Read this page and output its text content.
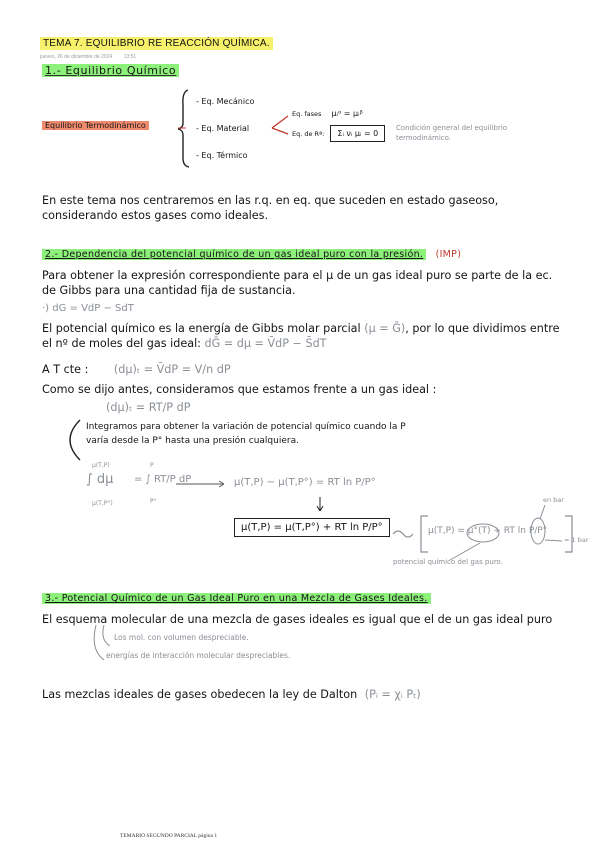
TEMA 7. EQUILIBRIO RE REACCIÓN QUÍMICA.
jueves, 26 de diciembre de 2024 13:51
1.- Equilibrio Químico
Equilibrio Termodinámico
- Eq. Mecánico
- Eq. Material
- Eq. Térmico
Eq. fases μᵢᵅ = μᵢᵝ
Eq. de Rª: Σᵢ νᵢ μᵢ = 0
Condición general del equilibrio termodinámico.
En este tema nos centraremos en las r.q. en eq. que suceden en estado gaseoso, considerando estos gases como ideales.
2.- Dependencia del potencial químico de un gas ideal puro con la presión. (IMP)
Para obtener la expresión correspondiente para el μ de un gas ideal puro se parte de la ec. de Gibbs para una cantidad fija de sustancia.
·) dG = VdP − SdT
El potencial químico es la energía de Gibbs molar parcial (μ = Ḡ), por lo que dividimos entre el nº de moles del gas ideal: dḠ = dμ = V̄dP − S̄dT
A T cte : (dμ)ₜ = V̄dP = V/n dP
Como se dijo antes, consideramos que estamos frente a un gas ideal :
(dμ)ₜ = RT/P dP
Integramos para obtener la variación de potencial químico cuando la P varía desde la P° hasta una presión cualquiera.
μ(T,P)
μ(T,P°)
∫ dμ
P
P°
= ∫ RT/P dP	μ(T,P) − μ(T,P°) = RT ln P/P°
μ(T,P) = μ(T,P°) + RT ln P/P°	μ(T,P) = μ°(T) + RT ln P/P°
en bar
= 1 bar
potencial químico del gas puro.
3.- Potencial Químico de un Gas Ideal Puro en una Mezcla de Gases Ideales.
El esquema molecular de una mezcla de gases ideales es igual que el de un gas ideal puro
Los mol. con volumen despreciable.
energías de interacción molecular despreciables.
Las mezclas ideales de gases obedecen la ley de Dalton (Pᵢ = χᵢ Pₜ)
TEMARIO SEGUNDO PARCIAL página 1
